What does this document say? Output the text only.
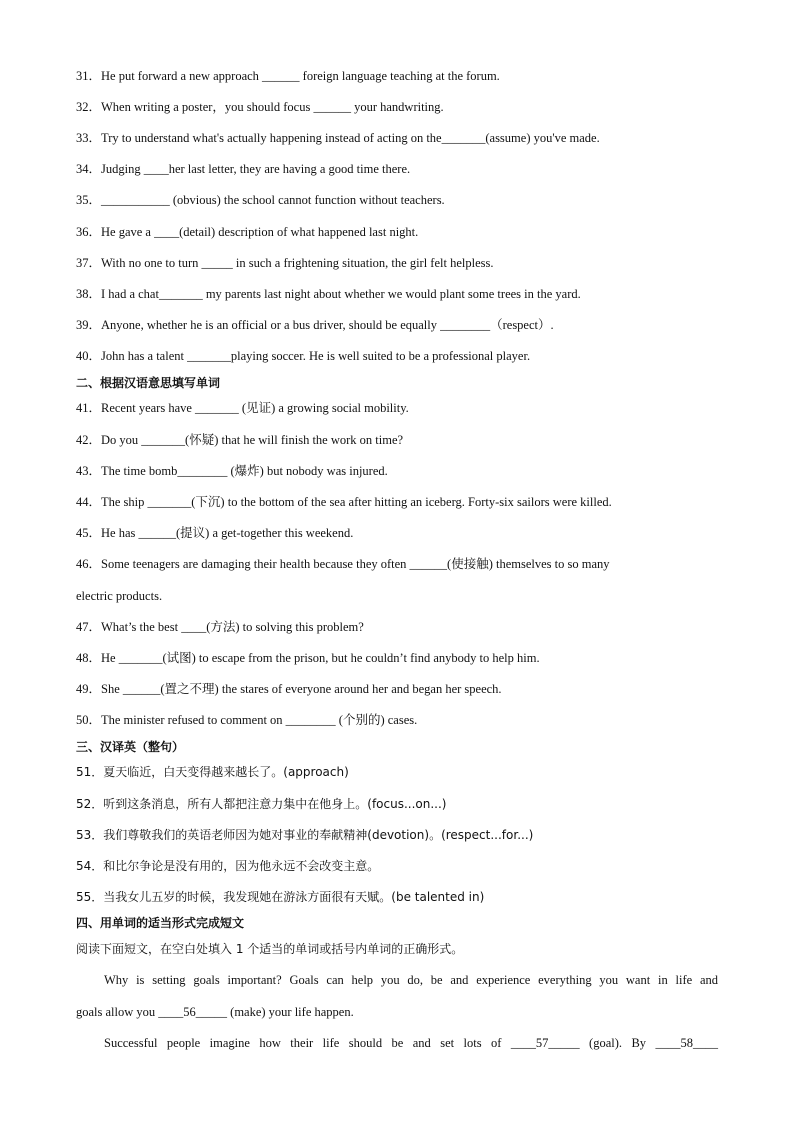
31．He put forward a new approach ______ foreign language teaching at the forum.
32．When writing a poster，you should focus ______ your handwriting.
33．Try to understand what's actually happening instead of acting on the_______(assume) you've made.
34．Judging ____her last letter, they are having a good time there.
35．___________ (obvious) the school cannot function without teachers.
36．He gave a ____(detail) description of what happened last night.
37．With no one to turn _____ in such a frightening situation, the girl felt helpless.
38．I had a chat_______ my parents last night about whether we would plant some trees in the yard.
39．Anyone, whether he is an official or a bus driver, should be equally ________（respect）.
40．John has a talent _______playing soccer. He is well suited to be a professional player.
二、根据汉语意思填写单词
41．Recent years have _______ (见证) a growing social mobility.
42．Do you _______(怀疑) that he will finish the work on time?
43．The time bomb________ (爆炸) but nobody was injured.
44．The ship _______(下沉) to the bottom of the sea after hitting an iceberg. Forty-six sailors were killed.
45．He has ______(提议) a get-together this weekend.
46．Some teenagers are damaging their health because they often ______(使接触) themselves to so many
electric products.
47．What’s the best ____(方法) to solving this problem?
48．He _______(试图) to escape from the prison, but he couldn’t find anybody to help him.
49．She ______(置之不理) the stares of everyone around her and began her speech.
50．The minister refused to comment on ________ (个别的) cases.
三、汉译英（整句）
51．夏天临近，白天变得越来越长了。(approach)
52．听到这条消息，所有人都把注意力集中在他身上。(focus...on...)
53．我们尊敬我们的英语老师因为她对事业的奉献精神(devotion)。(respect...for...)
54．和比尔争论是没有用的，因为他永远不会改变主意。
55．当我女儿五岁的时候，我发现她在游泳方面很有天赋。(be talented in)
四、用单词的适当形式完成短文
阅读下面短文，在空白处填入 1 个适当的单词或括号内单词的正确形式。
Why is setting goals important? Goals can help you do, be and experience everything you want in life and
goals allow you ____56_____ (make) your life happen.
Successful people imagine how their life should be and set lots of ____57_____ (goal). By ____58____
